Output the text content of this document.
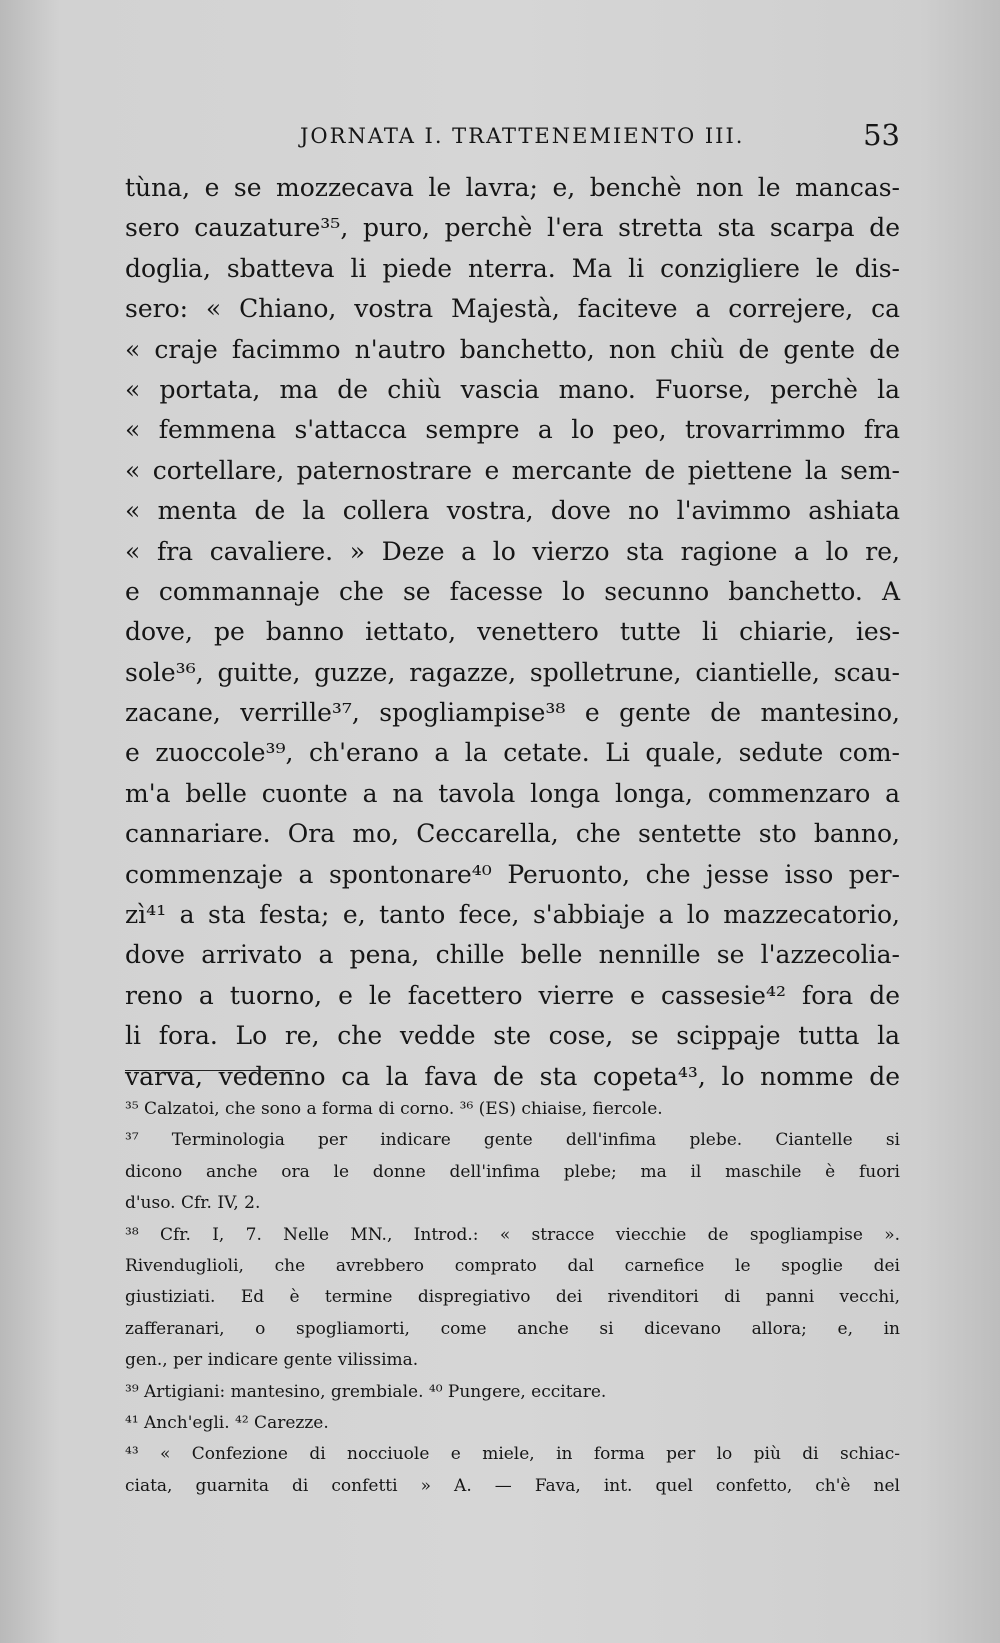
JORNATA I. TRATTENEMIENTO III.	53
tùna, e se mozzecava le lavra; e, benchè non le mancas-
sero cauzature³⁵, puro, perchè l'era stretta sta scarpa de
doglia, sbatteva li piede nterra. Ma li conzigliere le dis-
sero: « Chiano, vostra Majestà, faciteve a correjere, ca
« craje facimmo n'autro banchetto, non chiù de gente de
« portata, ma de chiù vascia mano. Fuorse, perchè la
« femmena s'attacca sempre a lo peo, trovarrimmo fra
« cortellare, paternostrare e mercante de piettene la sem-
« menta de la collera vostra, dove no l'avimmo ashiata
« fra cavaliere. » Deze a lo vierzo sta ragione a lo re,
e commannaje che se facesse lo secunno banchetto. A
dove, pe banno iettato, venettero tutte li chiarie, ies-
sole³⁶, guitte, guzze, ragazze, spolletrune, ciantielle, scau-
zacane, verrille³⁷, spogliampise³⁸ e gente de mantesino,
e zuoccole³⁹, ch'erano a la cetate. Li quale, sedute com-
m'a belle cuonte a na tavola longa longa, commenzaro a
cannariare. Ora mo, Ceccarella, che sentette sto banno,
commenzaje a spontonare⁴⁰ Peruonto, che jesse isso per-
zì⁴¹ a sta festa; e, tanto fece, s'abbiaje a lo mazzecatorio,
dove arrivato a pena, chille belle nennille se l'azzecolia-
reno a tuorno, e le facettero vierre e cassesie⁴² fora de
li fora. Lo re, che vedde ste cose, se scippaje tutta la
varva, vedenno ca la fava de sta copeta⁴³, lo nomme de
³⁵ Calzatoi, che sono a forma di corno. ³⁶ (ES) chiaise, fiercole.
³⁷ Terminologia per indicare gente dell'infima plebe. Ciantelle si
dicono anche ora le donne dell'infima plebe; ma il maschile è fuori
d'uso. Cfr. IV, 2.
³⁸ Cfr. I, 7. Nelle MN., Introd.: « stracce viecchie de spogliampise ».
Rivendugliolі, che avrebbero comprato dal carnefice le spoglie dei
giustiziati. Ed è termine dispregiativo dei rivenditori di panni vecchi,
zafferanari, o spogliamorti, come anche si dicevano allora; e, in
gen., per indicare gente vilissima.
³⁹ Artigiani: mantesino, grembiale. ⁴⁰ Pungere, eccitare.
⁴¹ Anch'egli. ⁴² Carezze.
⁴³ « Confezione di nocciuole e miele, in forma per lo più di schiac-
ciata, guarnita di confetti » A. — Fava, int. quel confetto, ch'è nel
